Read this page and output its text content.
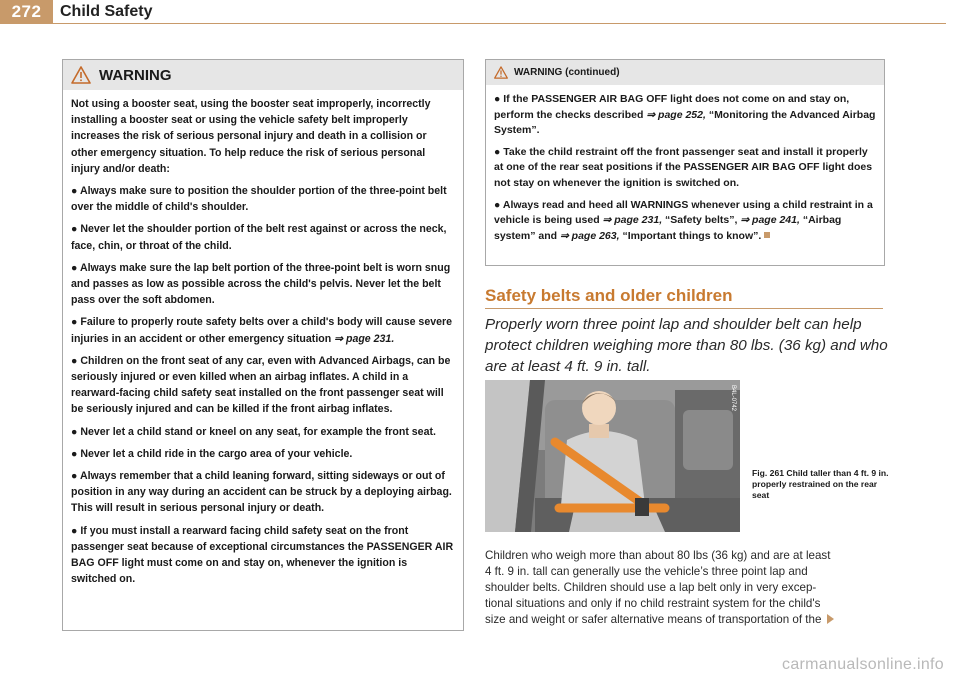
272	Child Safety
WARNING

Not using a booster seat, using the booster seat improperly, incorrectly installing a booster seat or using the vehicle safety belt improperly increases the risk of serious personal injury and death in a collision or other emergency situation. To help reduce the risk of serious personal injury and/or death:

● Always make sure to position the shoulder portion of the three-point belt over the middle of child's shoulder.

● Never let the shoulder portion of the belt rest against or across the neck, face, chin, or throat of the child.

● Always make sure the lap belt portion of the three-point belt is worn snug and passes as low as possible across the child's pelvis. Never let the belt pass over the soft abdomen.

● Failure to properly route safety belts over a child's body will cause severe injuries in an accident or other emergency situation ⇒ page 231.

● Children on the front seat of any car, even with Advanced Airbags, can be seriously injured or even killed when an airbag inflates. A child in a rearward-facing child safety seat installed on the front passenger seat will be seriously injured and can be killed if the front airbag inflates.

● Never let a child stand or kneel on any seat, for example the front seat.

● Never let a child ride in the cargo area of your vehicle.

● Always remember that a child leaning forward, sitting sideways or out of position in any way during an accident can be struck by a deploying airbag. This will result in serious personal injury or death.

● If you must install a rearward facing child safety seat on the front passenger seat because of exceptional circumstances the PASSENGER AIR BAG OFF light must come on and stay on, whenever the ignition is switched on.

WARNING (continued)

● If the PASSENGER AIR BAG OFF light does not come on and stay on, perform the checks described ⇒ page 252, “Monitoring the Advanced Airbag System”.

● Take the child restraint off the front passenger seat and install it properly at one of the rear seat positions if the PASSENGER AIR BAG OFF light does not stay on whenever the ignition is switched on.

● Always read and heed all WARNINGS whenever using a child restraint in a vehicle is being used ⇒ page 231, “Safety belts”, ⇒ page 241, “Airbag system” and ⇒ page 263, “Important things to know”.

Safety belts and older children
Properly worn three point lap and shoulder belt can help protect children weighing more than 80 lbs. (36 kg) and who are at least 4 ft. 9 in. tall.
B4L-0742
Fig. 261 Child taller than 4 ft. 9 in. properly restrained on the rear seat
Children who weigh more than about 80 lbs (36 kg) and are at least
4 ft. 9 in. tall can generally use the vehicle’s three point lap and
shoulder belts. Children should use a lap belt only in very excep-
tional situations and only if no child restraint system for the child's
size and weight or safer alternative means of transportation of the
carmanualsonline.info
